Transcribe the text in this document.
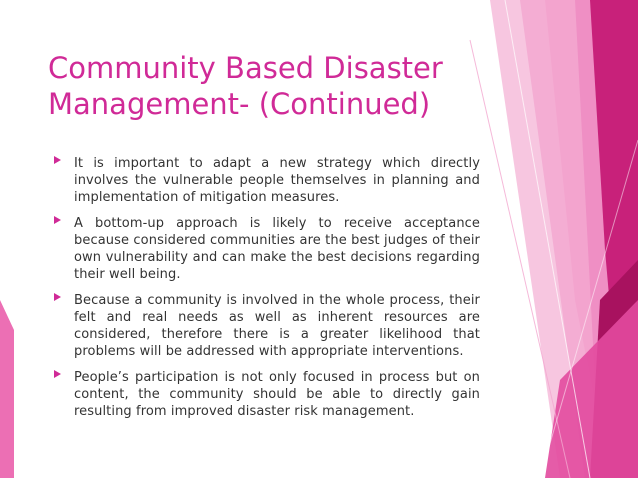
Community Based Disaster
Management- (Continued)
It is important to adapt a new strategy which directly involves the vulnerable people themselves in planning and implementation of mitigation measures.
A bottom-up approach is likely to receive acceptance because considered communities are the best judges of their own vulnerability and can make the best decisions regarding their well being.
Because a community is involved in the whole process, their felt and real needs as well as inherent resources are considered, therefore there is a greater likelihood that problems will be addressed with appropriate interventions.
People’s participation is not only focused in process but on content, the community should be able to directly gain resulting from improved disaster risk management.
